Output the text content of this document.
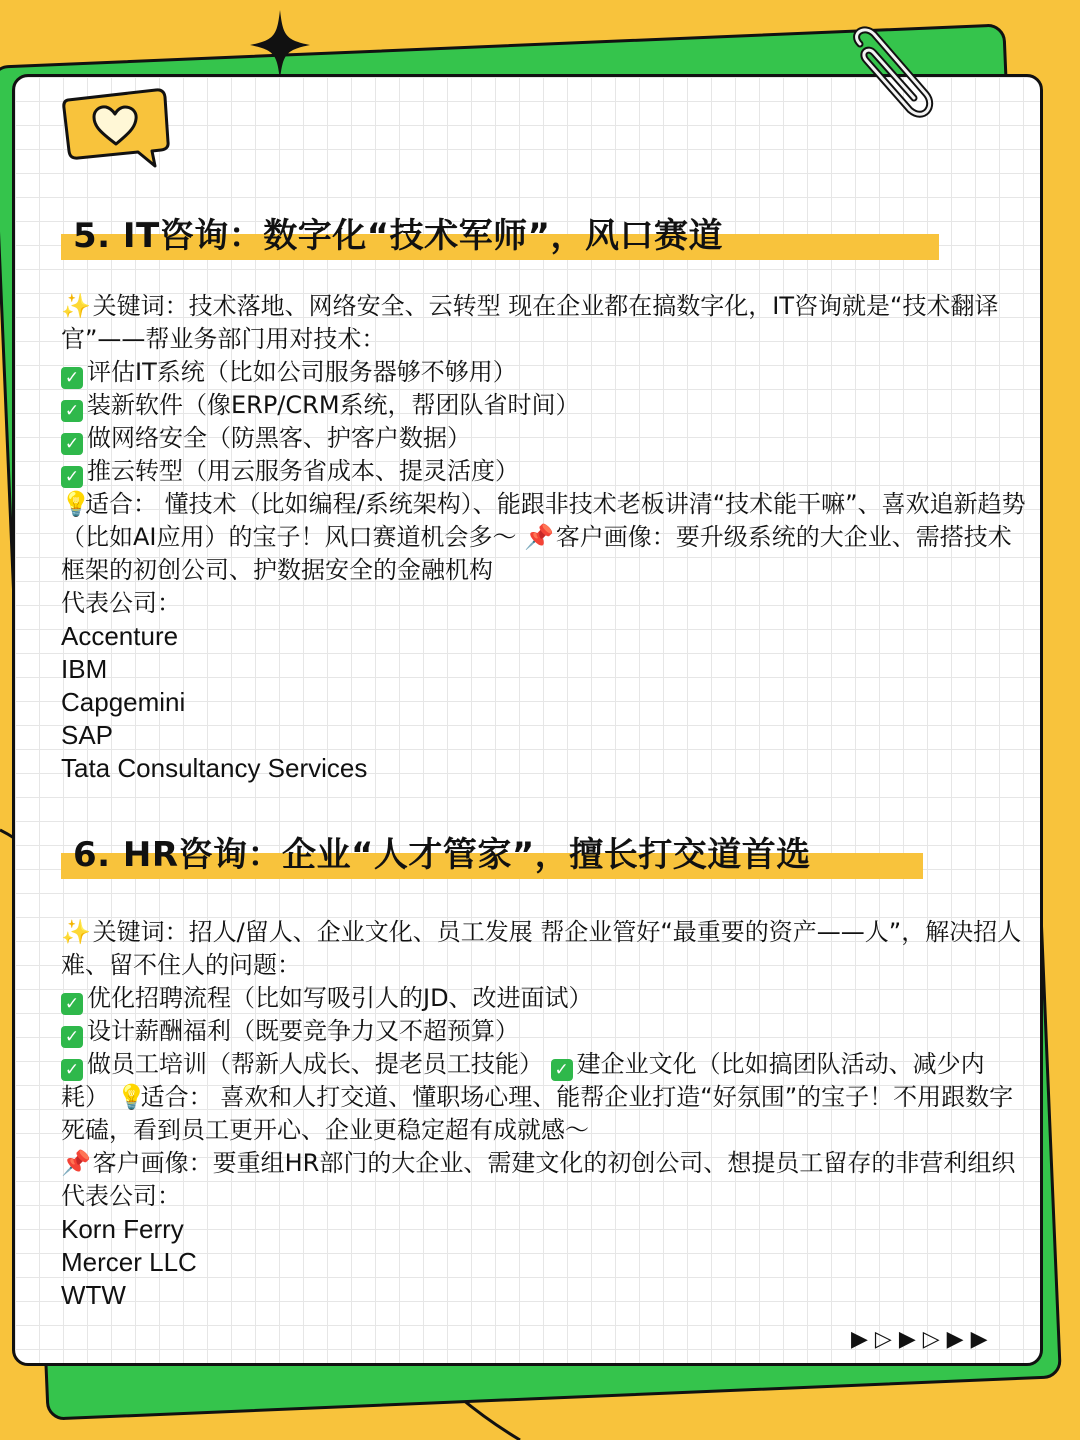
5. IT咨询：数字化“技术军师”，风口赛道

✨ 关键词：技术落地、网络安全、云转型 现在企业都在搞数字化，IT咨询就是“技术翻译官”——帮业务部门用对技术：

✓ 评估IT系统（比如公司服务器够不够用）

✓ 装新软件（像ERP/CRM系统，帮团队省时间）

✓ 做网络安全（防黑客、护客户数据）

✓ 推云转型（用云服务省成本、提灵活度）

💡适合： 懂技术（比如编程/系统架构）、能跟非技术老板讲清“技术能干嘛”、喜欢追新趋势（比如AI应用）的宝子！风口赛道机会多～ 📌 客户画像：要升级系统的大企业、需搭技术框架的初创公司、护数据安全的金融机构

代表公司：

Accenture

IBM

Capgemini

SAP

Tata Consultancy Services

6. HR咨询：企业“人才管家”，擅长打交道首选

✨ 关键词：招人/留人、企业文化、员工发展 帮企业管好“最重要的资产——人”，解决招人难、留不住人的问题：

✓ 优化招聘流程（比如写吸引人的JD、改进面试）

✓ 设计薪酬福利（既要竞争力又不超预算）

✓ 做员工培训（帮新人成长、提老员工技能） ✓ 建企业文化（比如搞团队活动、减少内耗） 💡适合： 喜欢和人打交道、懂职场心理、能帮企业打造“好氛围”的宝子！不用跟数字死磕，看到员工更开心、企业更稳定超有成就感～

📌 客户画像：要重组HR部门的大企业、需建文化的初创公司、想提员工留存的非营利组织

代表公司：

Korn Ferry

Mercer LLC

WTW

▶▷▶▷▶▶
